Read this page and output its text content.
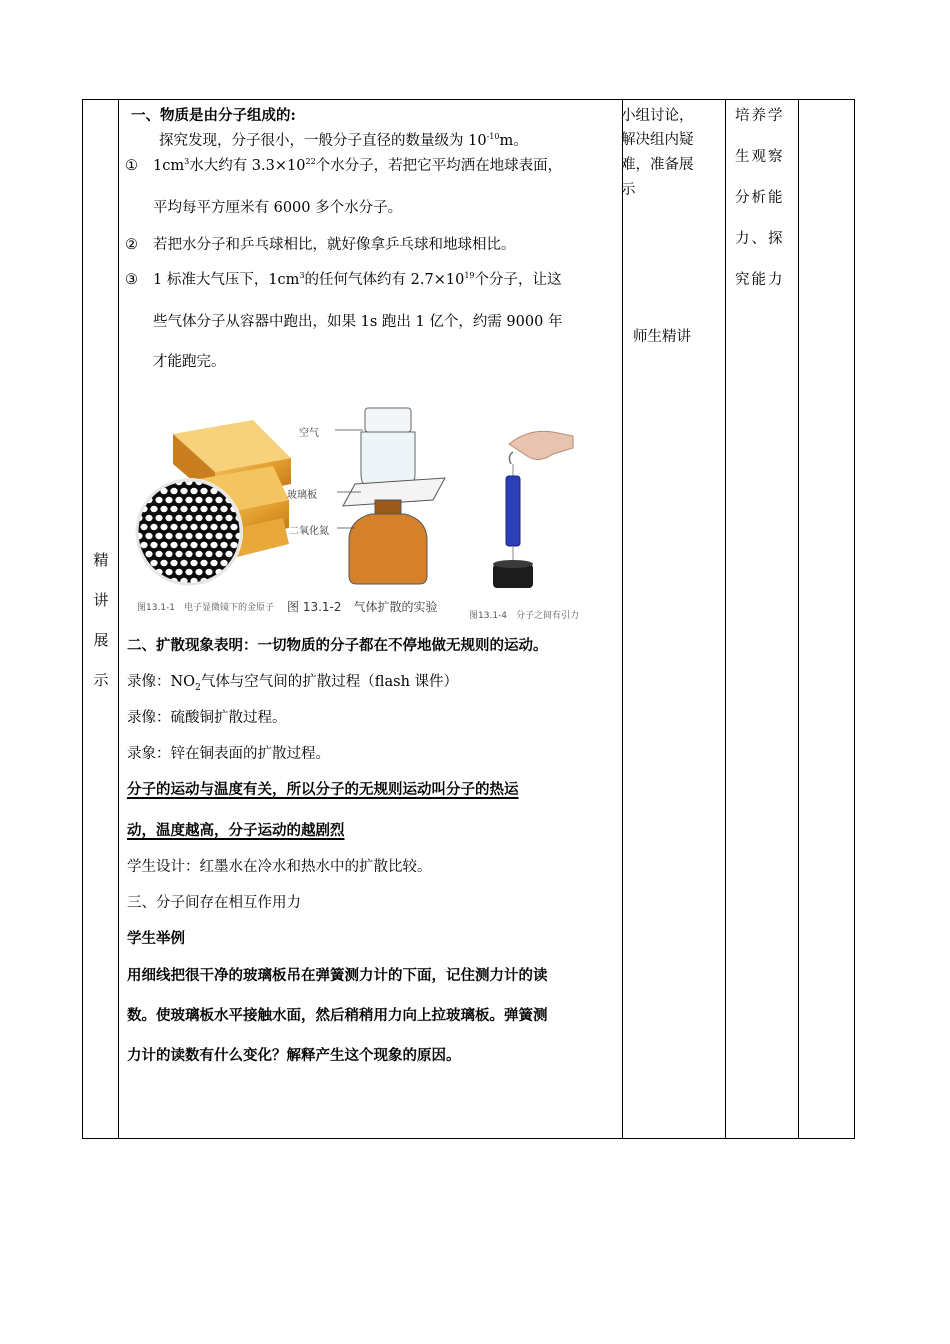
精
讲
展
示
一、物质是由分子组成的:
探究发现，分子很小，一般分子直径的数量级为 $10^{-10}m$。
① $1cm^3$水大约有 $3.3\times 10^{22}$个水分子，若把它平均洒在地球表面，
平均每平方厘米有 6000 多个水分子。
② 若把水分子和乒乓球相比，就好像拿乒乓球和地球相比。
③ 1 标准大气压下，$1cm^3$的任何气体约有 $2.7\times 10^{19}$个分子，让这
些气体分子从容器中跑出，如果 1s 跑出 1 亿个，约需 9000 年
才能跑完。
图13.1-1　电子显微镜下的金原子
空气
玻璃板
二氧化氮
图 13.1-2　气体扩散的实验
图13.1-4　分子之间有引力
二、扩散现象表明：一切物质的分子都在不停地做无规则的运动。
录像：$NO_2$气体与空气间的扩散过程（flash 课件）
录像：硫酸铜扩散过程。
录象：锌在铜表面的扩散过程。
分子的运动与温度有关，所以分子的无规则运动叫分子的热运
动，温度越高，分子运动的越剧烈
学生设计：红墨水在冷水和热水中的扩散比较。
三、分子间存在相互作用力
学生举例
用细线把很干净的玻璃板吊在弹簧测力计的下面，记住测力计的读
数。使玻璃板水平接触水面，然后稍稍用力向上拉玻璃板。弹簧测
力计的读数有什么变化？解释产生这个现象的原因。
小组讨论，
解决组内疑
难，准备展
示
师生精讲
培养学
生观察
分析能
力、探
究能力
